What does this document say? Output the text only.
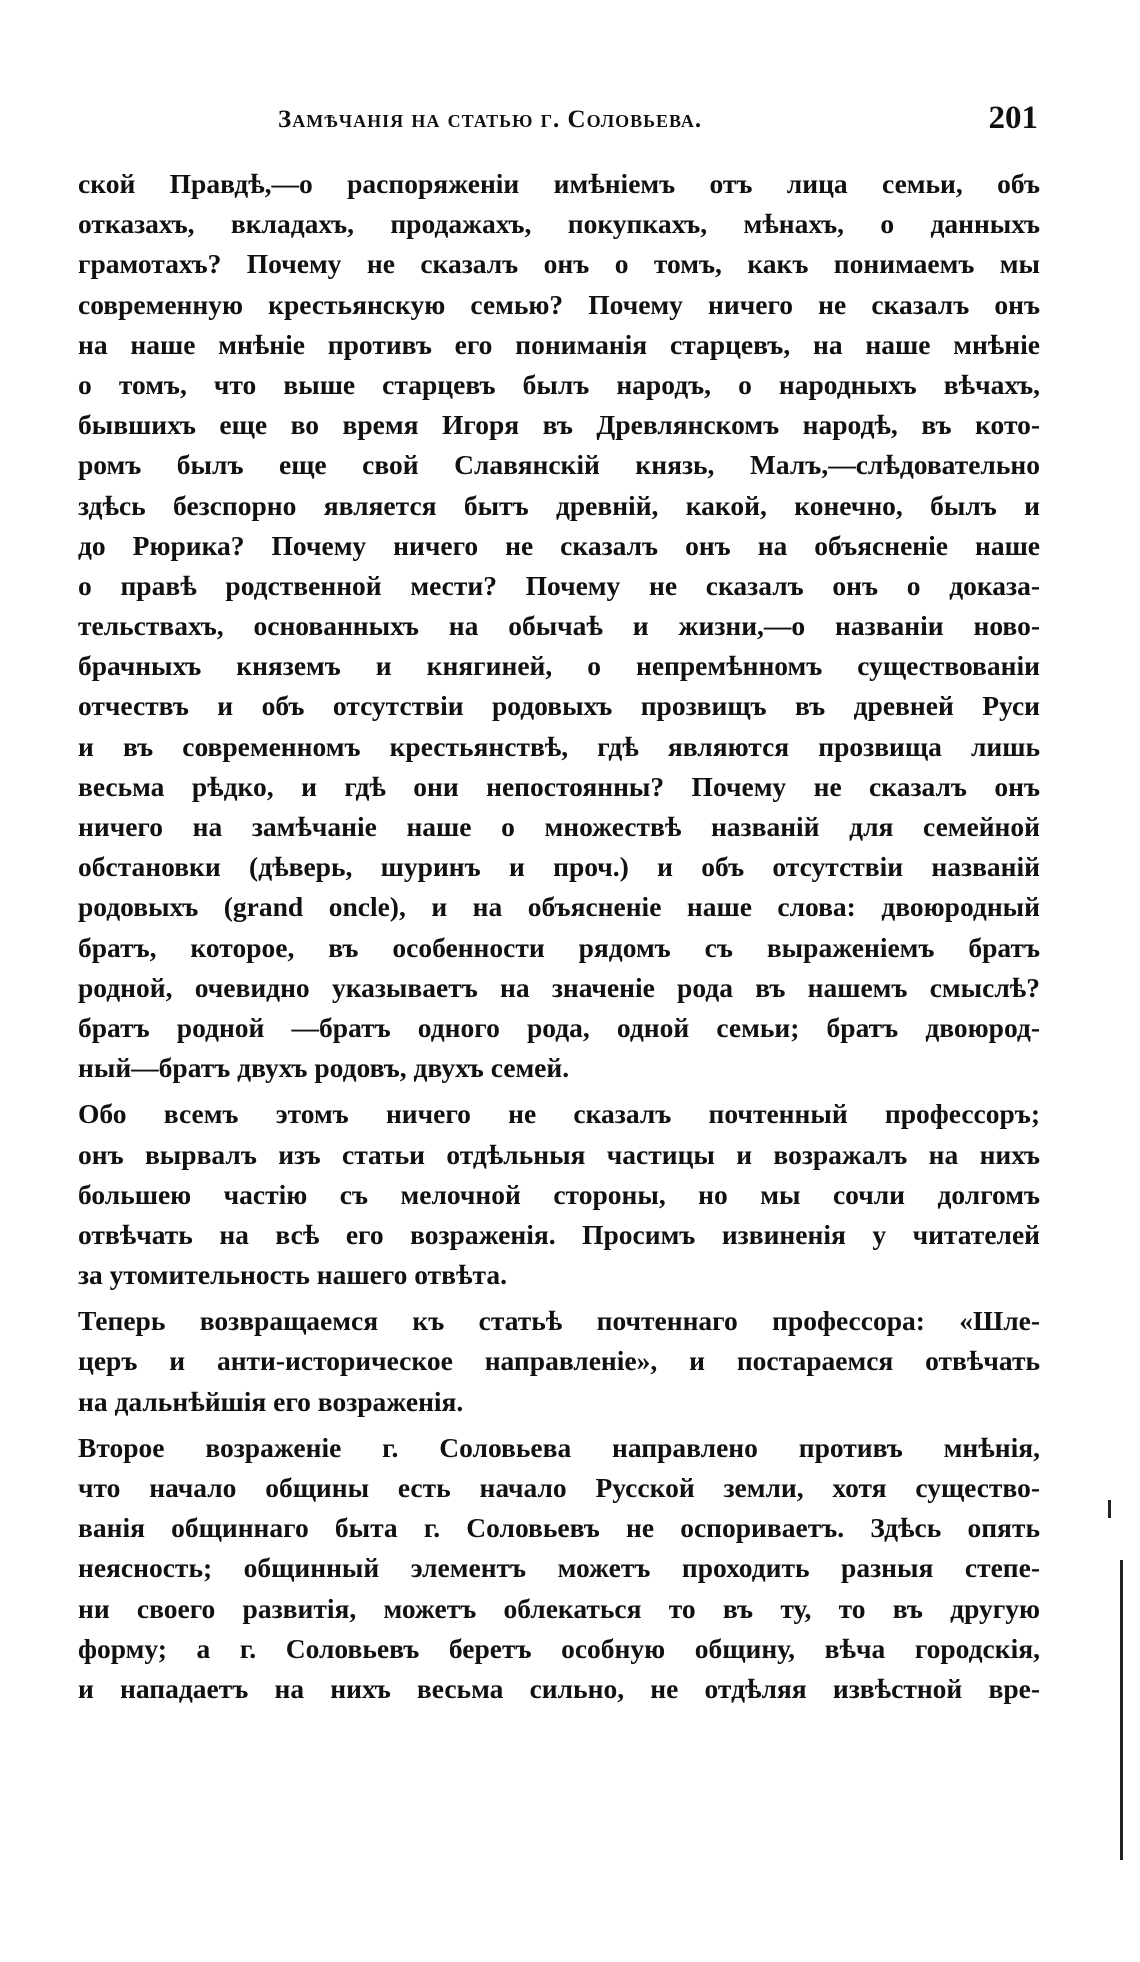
Замѣчанія на статью г. Соловьева.	201
ской Правдѣ,—о распоряженіи имѣніемъ отъ лица семьи, объ
отказахъ, вкладахъ, продажахъ, покупкахъ, мѣнахъ, о данныхъ
грамотахъ? Почему не сказалъ онъ о томъ, какъ понимаемъ мы
современную крестьянскую семью? Почему ничего не сказалъ онъ
на наше мнѣніе противъ его пониманія старцевъ, на наше мнѣніе
о томъ, что выше старцевъ былъ народъ, о народныхъ вѣчахъ,
бывшихъ еще во время Игоря въ Древлянскомъ народѣ, въ кото-
ромъ былъ еще свой Славянскій князь, Малъ,—слѣдовательно
здѣсь безспорно является бытъ древній, какой, конечно, былъ и
до Рюрика? Почему ничего не сказалъ онъ на объясненіе наше
о правѣ родственной мести? Почему не сказалъ онъ о доказа-
тельствахъ, основанныхъ на обычаѣ и жизни,—о названіи ново-
брачныхъ княземъ и княгиней, о непремѣнномъ существованіи
отчествъ и объ отсутствіи родовыхъ прозвищъ въ древней Руси
и въ современномъ крестьянствѣ, гдѣ являются прозвища лишь
весьма рѣдко, и гдѣ они непостоянны? Почему не сказалъ онъ
ничего на замѣчаніе наше о множествѣ названій для семейной
обстановки (дѣверь, шуринъ и проч.) и объ отсутствіи названій
родовыхъ (grand oncle), и на объясненіе наше слова: двоюродный
братъ, которое, въ особенности рядомъ съ выраженіемъ братъ
родной, очевидно указываетъ на значеніе рода въ нашемъ смыслѣ?
братъ родной —братъ одного рода, одной семьи; братъ двоюрод-
ный—братъ двухъ родовъ, двухъ семей.
Обо всемъ этомъ ничего не сказалъ почтенный профессоръ;
онъ вырвалъ изъ статьи отдѣльныя частицы и возражалъ на нихъ
большею частію съ мелочной стороны, но мы сочли долгомъ
отвѣчать на всѣ его возраженія. Просимъ извиненія у читателей
за утомительность нашего отвѣта.
Теперь возвращаемся къ статьѣ почтеннаго профессора: «Шле-
церъ и анти-историческое направленіе», и постараемся отвѣчать
на дальнѣйшія его возраженія.
Второе возраженіе г. Соловьева направлено противъ мнѣнія,
что начало общины есть начало Русской земли, хотя существо-
ванія общиннаго быта г. Соловьевъ не оспориваетъ. Здѣсь опять
неясность; общинный элементъ можетъ проходить разныя степе-
ни своего развитія, можетъ облекаться то въ ту, то въ другую
форму; а г. Соловьевъ беретъ особную общину, вѣча городскія,
и нападаетъ на нихъ весьма сильно, не отдѣляя извѣстной вре-
